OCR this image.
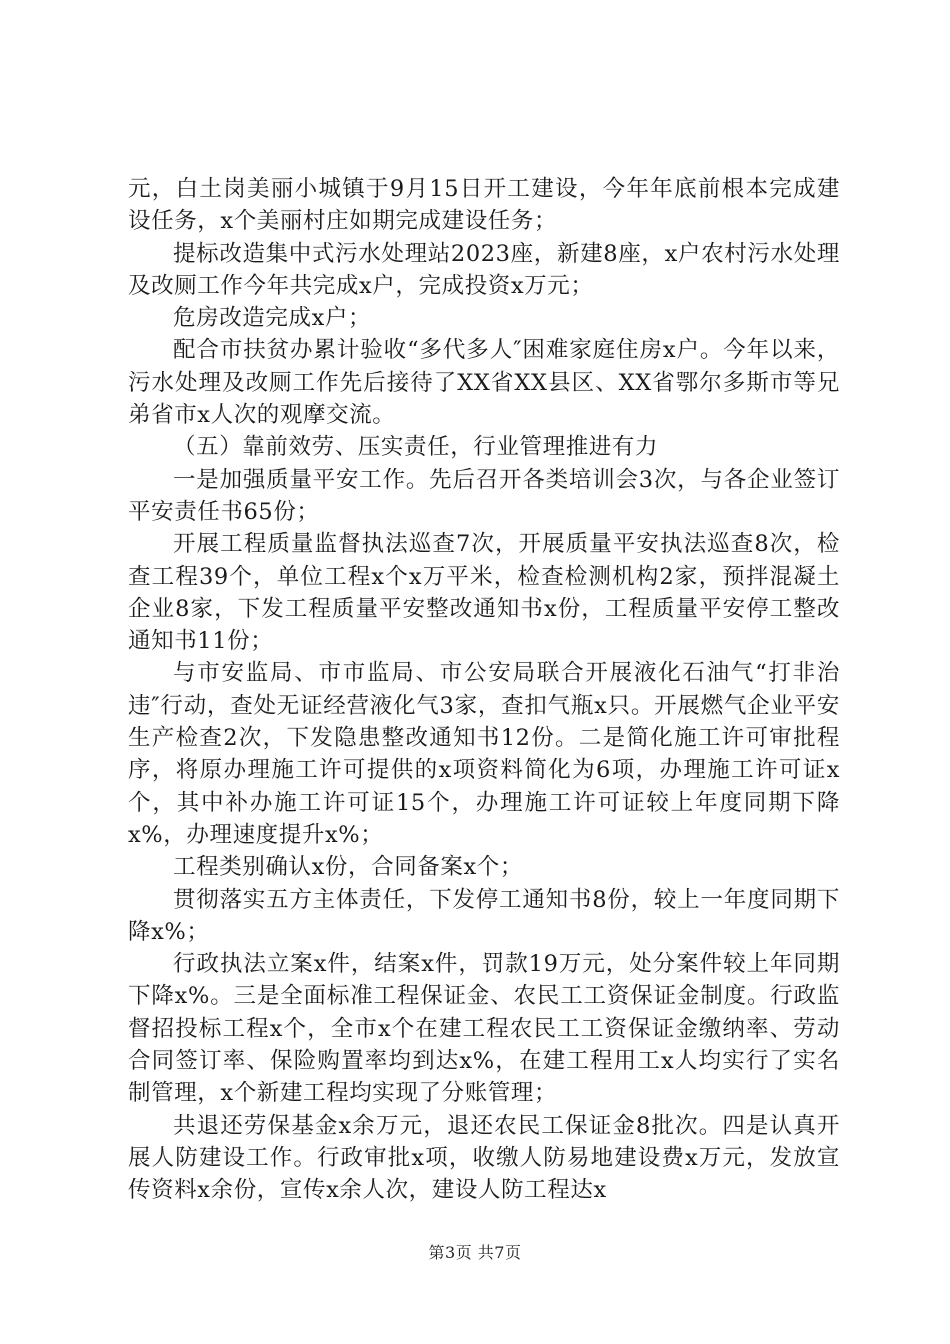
元，白土岗美丽小城镇于9月15日开工建设，今年年底前根本完成建设任务，x个美丽村庄如期完成建设任务；

提标改造集中式污水处理站2023座，新建8座，x户农村污水处理及改厕工作今年共完成x户，完成投资x万元；

危房改造完成x户；

配合市扶贫办累计验收“多代多人″困难家庭住房x户。今年以来，污水处理及改厕工作先后接待了XX省XX县区、XX省鄂尔多斯市等兄弟省市x人次的观摩交流。

（五）靠前效劳、压实责任，行业管理推进有力

一是加强质量平安工作。先后召开各类培训会3次，与各企业签订平安责任书65份；

开展工程质量监督执法巡查7次，开展质量平安执法巡查8次，检查工程39个，单位工程x个x万平米，检查检测机构2家，预拌混凝土企业8家，下发工程质量平安整改通知书x份，工程质量平安停工整改通知书11份；

与市安监局、市市监局、市公安局联合开展液化石油气“打非治违″行动，查处无证经营液化气3家，查扣气瓶x只。开展燃气企业平安生产检查2次，下发隐患整改通知书12份。二是简化施工许可审批程序，将原办理施工许可提供的x项资料简化为6项，办理施工许可证x个，其中补办施工许可证15个，办理施工许可证较上年度同期下降x%，办理速度提升x%；

工程类别确认x份，合同备案x个；

贯彻落实五方主体责任，下发停工通知书8份，较上一年度同期下降x%；

行政执法立案x件，结案x件，罚款19万元，处分案件较上年同期下降x%。三是全面标准工程保证金、农民工工资保证金制度。行政监督招投标工程x个，全市x个在建工程农民工工资保证金缴纳率、劳动合同签订率、保险购置率均到达x%，在建工程用工x人均实行了实名制管理，x个新建工程均实现了分账管理；

共退还劳保基金x余万元，退还农民工保证金8批次。四是认真开展人防建设工作。行政审批x项，收缴人防易地建设费x万元，发放宣传资料x余份，宣传x余人次，建设人防工程达x

第3页 共7页
